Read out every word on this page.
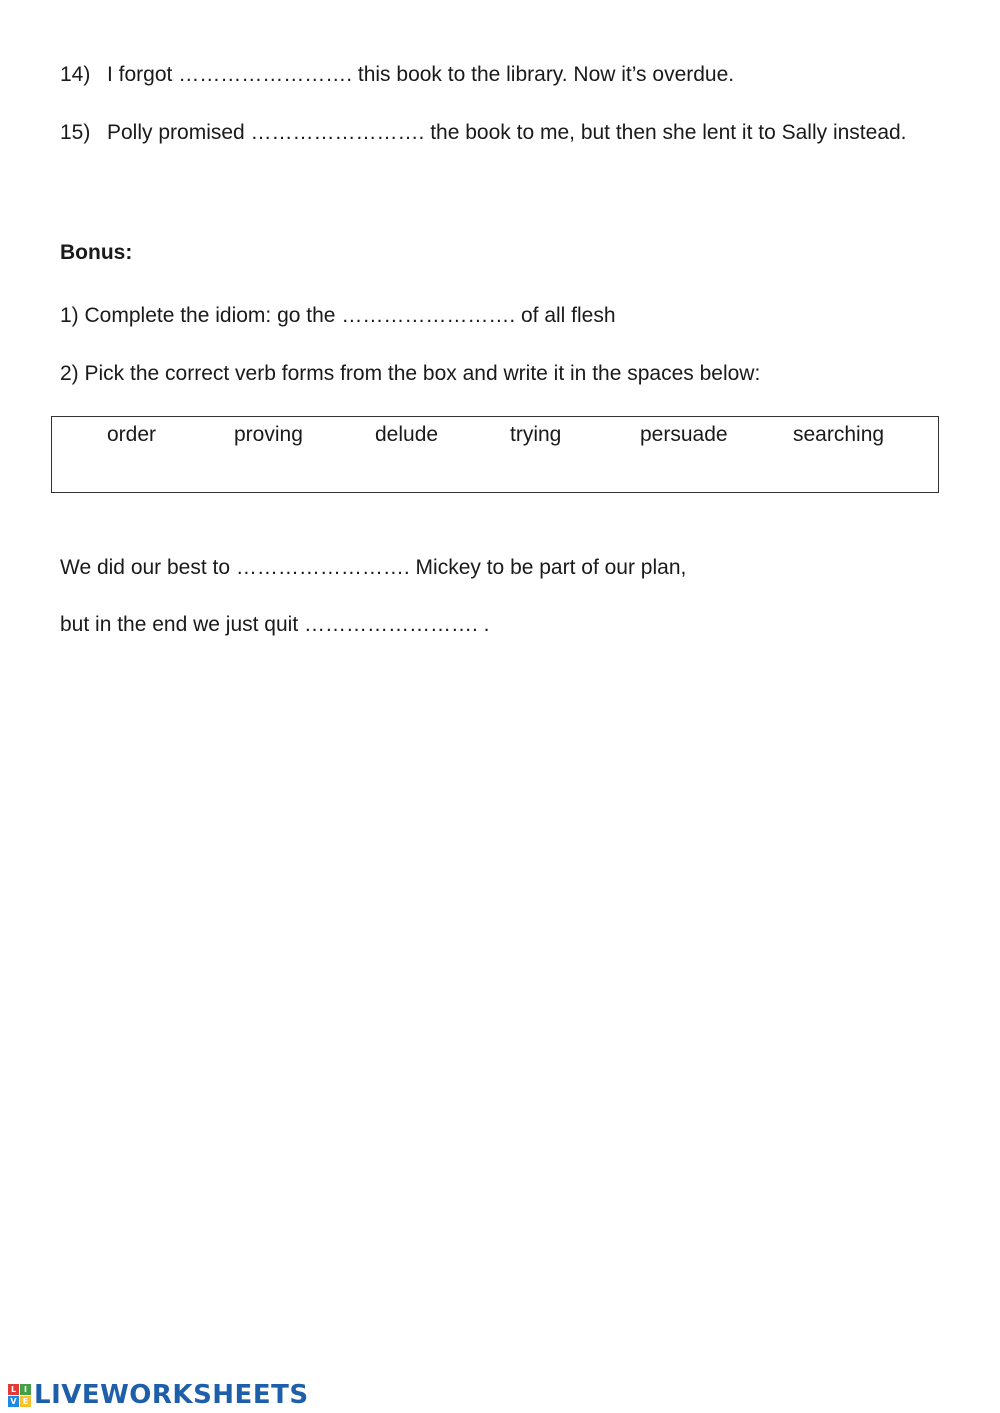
14) I forgot ……………………. this book to the library. Now it’s overdue.
15) Polly promised ……………………. the book to me, but then she lent it to Sally instead.
Bonus:
1) Complete the idiom: go the ……………………. of all flesh
2) Pick the correct verb forms from the box and write it in the spaces below:
order	proving	delude	trying	persuade	searching
We did our best to ……………………. Mickey to be part of our plan,
but in the end we just quit ……………………. .
L I
V E LIVEWORKSHEETS
